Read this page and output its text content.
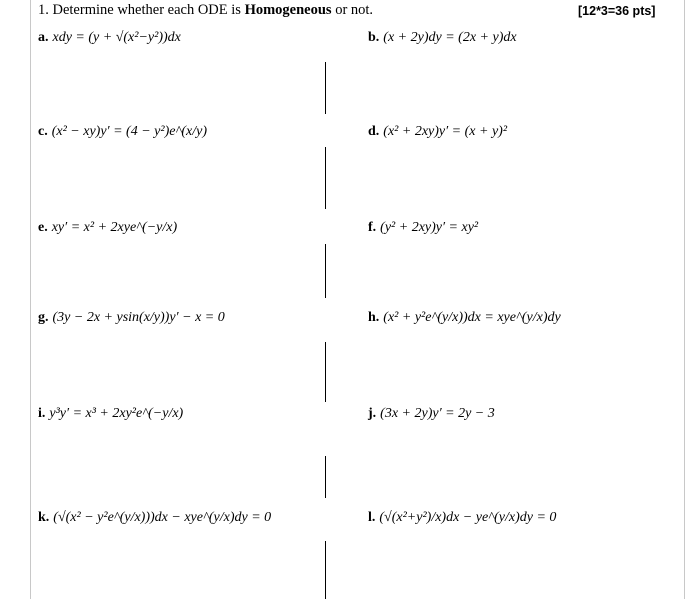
1. Determine whether each ODE is Homogeneous or not.	[12*3=36 pts]
a. xdy = (y + √(x²−y²))dx	b. (x + 2y)dy = (2x + y)dx
c. (x² − xy)y′ = (4 − y²)e^(x/y)	d. (x² + 2xy)y′ = (x + y)²
e. xy′ = x² + 2xye^(−y/x)	f. (y² + 2xy)y′ = xy²
g. (3y − 2x + ysin(x/y))y′ − x = 0	h. (x² + y²e^(y/x))dx = xye^(y/x)dy
i. y³y′ = x³ + 2xy²e^(−y/x)	j. (3x + 2y)y′ = 2y − 3
k. (√(x² − y²e^(y/x)))dx − xye^(y/x)dy = 0	l. (√(x²+y²)/x)dx − ye^(y/x)dy = 0
